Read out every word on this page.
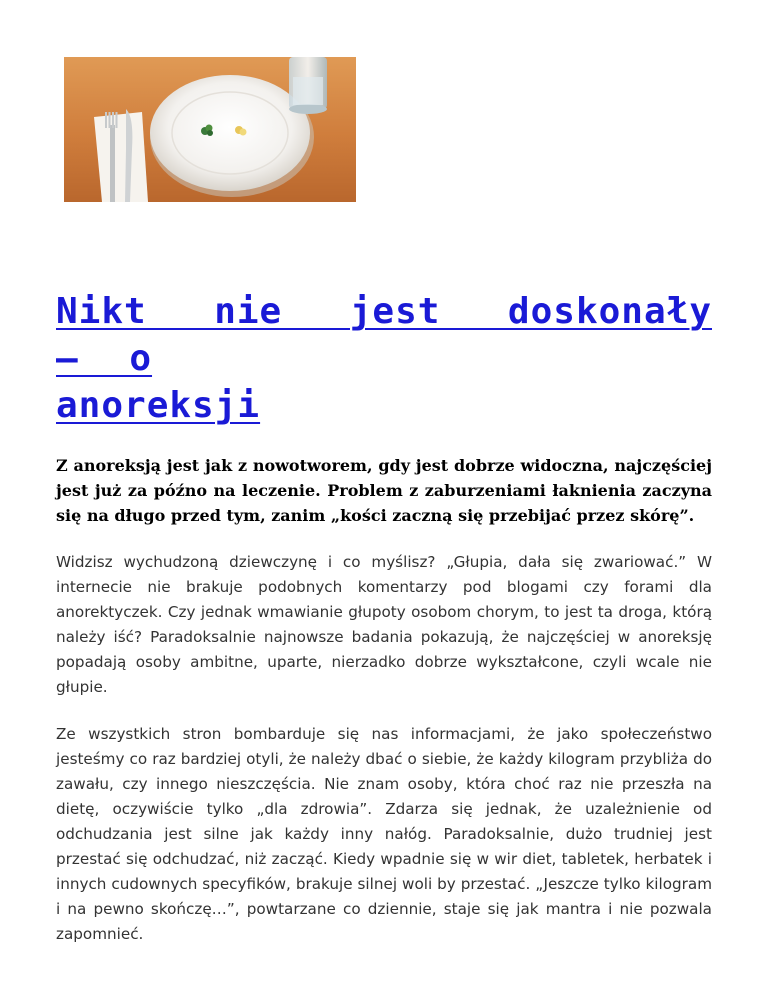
Nikt nie jest doskonały – o
anoreksji

Z anoreksją jest jak z nowotworem, gdy jest dobrze widoczna, najczęściej jest już za późno na leczenie. Problem z zaburzeniami łaknienia zaczyna się na długo przed tym, zanim „kości zaczną się przebijać przez skórę”.

Widzisz wychudzoną dziewczynę i co myślisz? „Głupia, dała się zwariować.” W internecie nie brakuje podobnych komentarzy pod blogami czy forami dla anorektyczek. Czy jednak wmawianie głupoty osobom chorym, to jest ta droga, którą należy iść? Paradoksalnie najnowsze badania pokazują, że najczęściej w anoreksję popadają osoby ambitne, uparte, nierzadko dobrze wykształcone, czyli wcale nie głupie.

Ze wszystkich stron bombarduje się nas informacjami, że jako społeczeństwo jesteśmy co raz bardziej otyli, że należy dbać o siebie, że każdy kilogram przybliża do zawału, czy innego nieszczęścia. Nie znam osoby, która choć raz nie przeszła na dietę, oczywiście tylko „dla zdrowia”. Zdarza się jednak, że uzależnienie od odchudzania jest silne jak każdy inny nałóg. Paradoksalnie, dużo trudniej jest przestać się odchudzać, niż zacząć. Kiedy wpadnie się w wir diet, tabletek, herbatek i innych cudownych specyfików, brakuje silnej woli by przestać. „Jeszcze tylko kilogram i na pewno skończę…”, powtarzane co dziennie, staje się jak mantra i nie pozwala zapomnieć.
